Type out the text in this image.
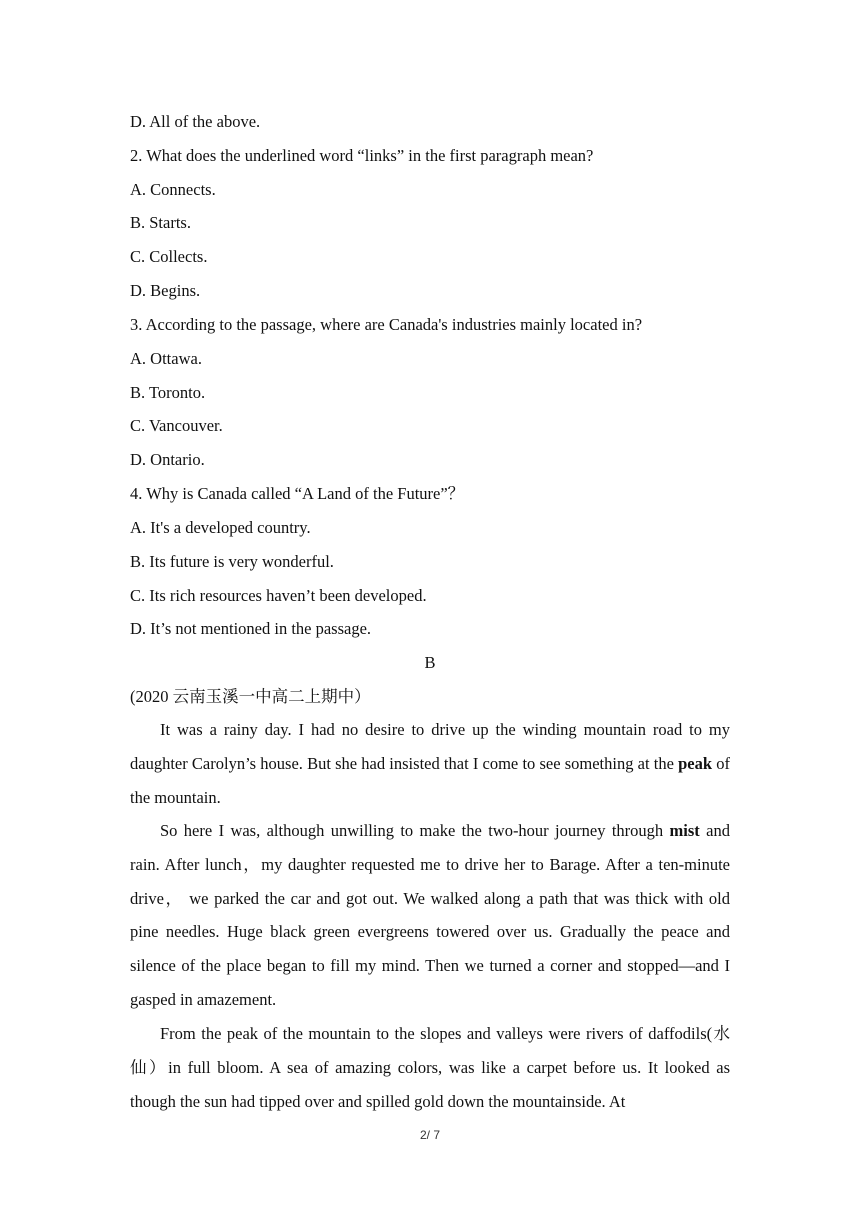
D. All of the above.
2. What does the underlined word “links” in the first paragraph mean?
A. Connects.
B. Starts.
C. Collects.
D. Begins.
3. According to the passage, where are Canada's industries mainly located in?
A. Ottawa.
B. Toronto.
C. Vancouver.
D. Ontario.
4. Why is Canada called “A Land of the Future”？
A. It's a developed country.
B. Its future is very wonderful.
C. Its rich resources haven’t been developed.
D. It’s not mentioned in the passage.
B
(2020 云南玉溪一中高二上期中）
It was a rainy day. I had no desire to drive up the winding mountain road to my daughter Carolyn’s house. But she had insisted that I come to see something at the peak of the mountain.
So here I was, although unwilling to make the two-hour journey through mist and rain. After lunch，my daughter requested me to drive her to Barage. After a ten-minute drive， we parked the car and got out. We walked along a path that was thick with old pine needles. Huge black green evergreens towered over us. Gradually the peace and silence of the place began to fill my mind. Then we turned a corner and stopped—and I gasped in amazement.
From the peak of the mountain to the slopes and valleys were rivers of daffodils(水仙）in full bloom. A sea of amazing colors, was like a carpet before us. It looked as though the sun had tipped over and spilled gold down the mountainside. At
2/ 7
